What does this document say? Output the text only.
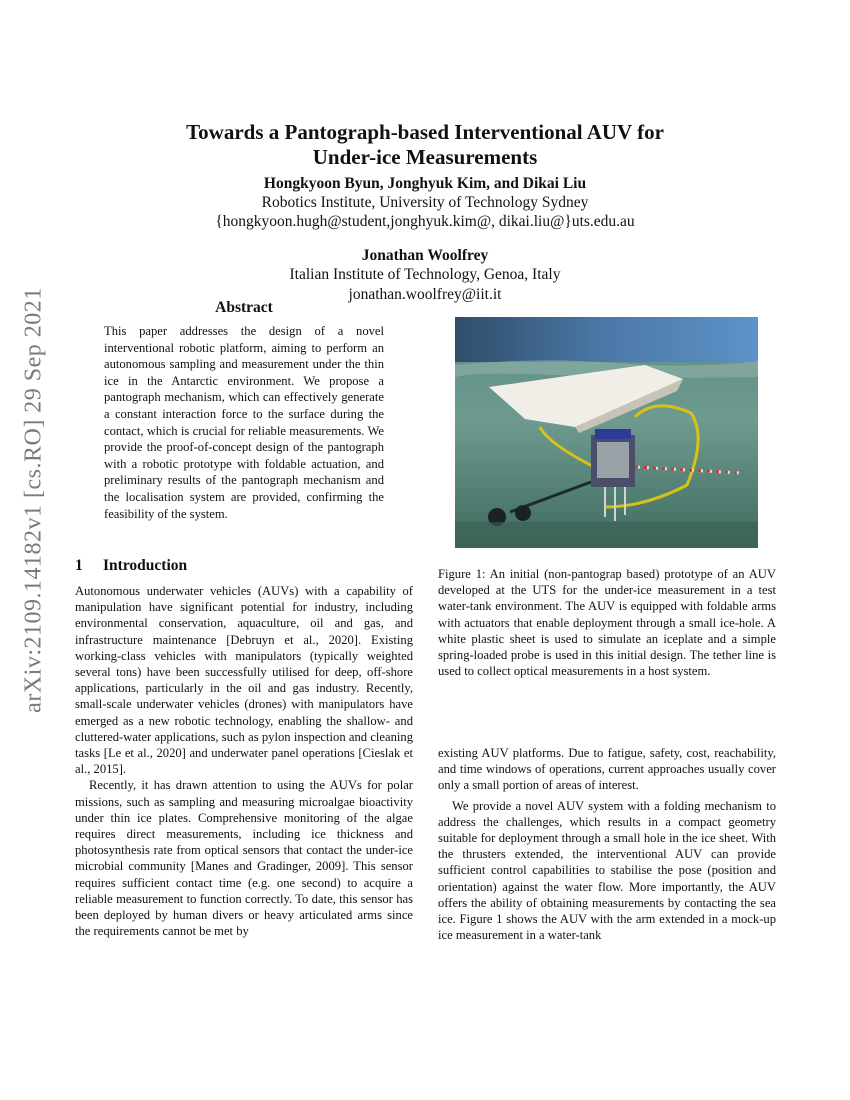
arXiv:2109.14182v1 [cs.RO] 29 Sep 2021
Towards a Pantograph-based Interventional AUV for
Under-ice Measurements
Hongkyoon Byun, Jonghyuk Kim, and Dikai Liu
Robotics Institute, University of Technology Sydney
{hongkyoon.hugh@student,jonghyuk.kim@, dikai.liu@}uts.edu.au
Jonathan Woolfrey
Italian Institute of Technology, Genoa, Italy
jonathan.woolfrey@iit.it
Abstract
This paper addresses the design of a novel interventional robotic platform, aiming to perform an autonomous sampling and measurement under the thin ice in the Antarctic environment. We propose a pantograph mechanism, which can effectively generate a constant interaction force to the surface during the contact, which is crucial for reliable measurements. We provide the proof-of-concept design of the pantograph with a robotic prototype with foldable actuation, and preliminary results of the pantograph mechanism and the localisation system are provided, confirming the feasibility of the system.
1 Introduction

Autonomous underwater vehicles (AUVs) with a capability of manipulation have significant potential for industry, including environmental conservation, aquaculture, oil and gas, and infrastructure maintenance [Debruyn et al., 2020]. Existing working-class vehicles with manipulators (typically weighted several tons) have been successfully utilised for deep, off-shore applications, particularly in the oil and gas industry. Recently, small-scale underwater vehicles (drones) with manipulators have emerged as a new robotic technology, enabling the shallow- and cluttered-water applications, such as pylon inspection and cleaning tasks [Le et al., 2020] and underwater panel operations [Cieslak et al., 2015].

Recently, it has drawn attention to using the AUVs for polar missions, such as sampling and measuring microalgae bioactivity under thin ice plates. Comprehensive monitoring of the algae requires direct measurements, including ice thickness and photosynthesis rate from optical sensors that contact the under-ice microbial community [Manes and Gradinger, 2009]. This sensor requires sufficient contact time (e.g. one second) to acquire a reliable measurement to function correctly. To date, this sensor has been deployed by human divers or heavy articulated arms since the requirements cannot be met by

Figure 1: An initial (non-pantograp based) prototype of an AUV developed at the UTS for the under-ice measurement in a test water-tank environment. The AUV is equipped with foldable arms with actuators that enable deployment through a small ice-hole. A white plastic sheet is used to simulate an iceplate and a simple spring-loaded probe is used in this initial design. The tether line is used to collect optical measurements in a host system.

existing AUV platforms. Due to fatigue, safety, cost, reachability, and time windows of operations, current approaches usually cover only a small portion of areas of interest.

We provide a novel AUV system with a folding mechanism to address the challenges, which results in a compact geometry suitable for deployment through a small hole in the ice sheet. With the thrusters extended, the interventional AUV can provide sufficient control capabilities to stabilise the pose (position and orientation) against the water flow. More importantly, the AUV offers the ability of obtaining measurements by contacting the sea ice. Figure 1 shows the AUV with the arm extended in a mock-up ice measurement in a water-tank
